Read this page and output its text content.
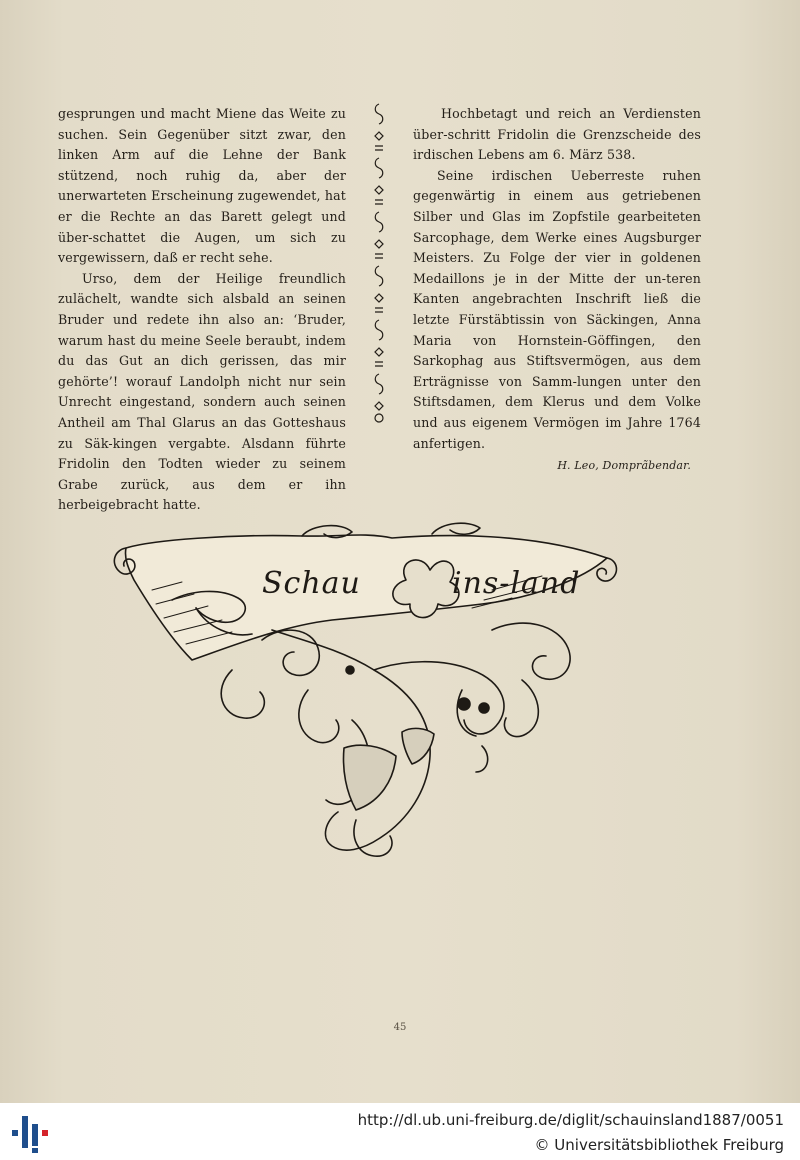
gesprungen und macht Miene das Weite zu suchen. Sein Gegenüber sitzt zwar, den linken Arm auf die Lehne der Bank stützend, noch ruhig da, aber der unerwarteten Erscheinung zugewendet, hat er die Rechte an das Barett gelegt und über-schattet die Augen, um sich zu vergewissern, daß er recht sehe.

Urso, dem der Heilige freundlich zulächelt, wandte sich alsbald an seinen Bruder und redete ihn also an: ‘Bruder, warum hast du meine Seele beraubt, indem du das Gut an dich gerissen, das mir gehörte’! worauf Landolph nicht nur sein Unrecht eingestand, sondern auch seinen Antheil am Thal Glarus an das Gotteshaus zu Säk-kingen vergabte. Alsdann führte Fridolin den Todten wieder zu seinem Grabe zurück, aus dem er ihn herbeigebracht hatte.

Hochbetagt und reich an Verdiensten über-schritt Fridolin die Grenzscheide des irdischen Lebens am 6. März 538.

Seine irdischen Ueberreste ruhen gegenwärtig in einem aus getriebenen Silber und Glas im Zopfstile gearbeiteten Sarcophage, dem Werke eines Augsburger Meisters. Zu Folge der vier in goldenen Medaillons je in der Mitte der un-teren Kanten angebrachten Inschrift ließ die letzte Fürstäbtissin von Säckingen, Anna Maria von Hornstein-Göffingen, den Sarkophag aus Stiftsvermögen, aus dem Erträgnisse von Samm-lungen unter den Stiftsdamen, dem Klerus und dem Volke und aus eigenem Vermögen im Jahre 1764 anfertigen.

H. Leo, Domprãbendar.
Schau	ins-land
45
http://dl.ub.uni-freiburg.de/diglit/schauinsland1887/0051
© Universitätsbibliothek Freiburg
